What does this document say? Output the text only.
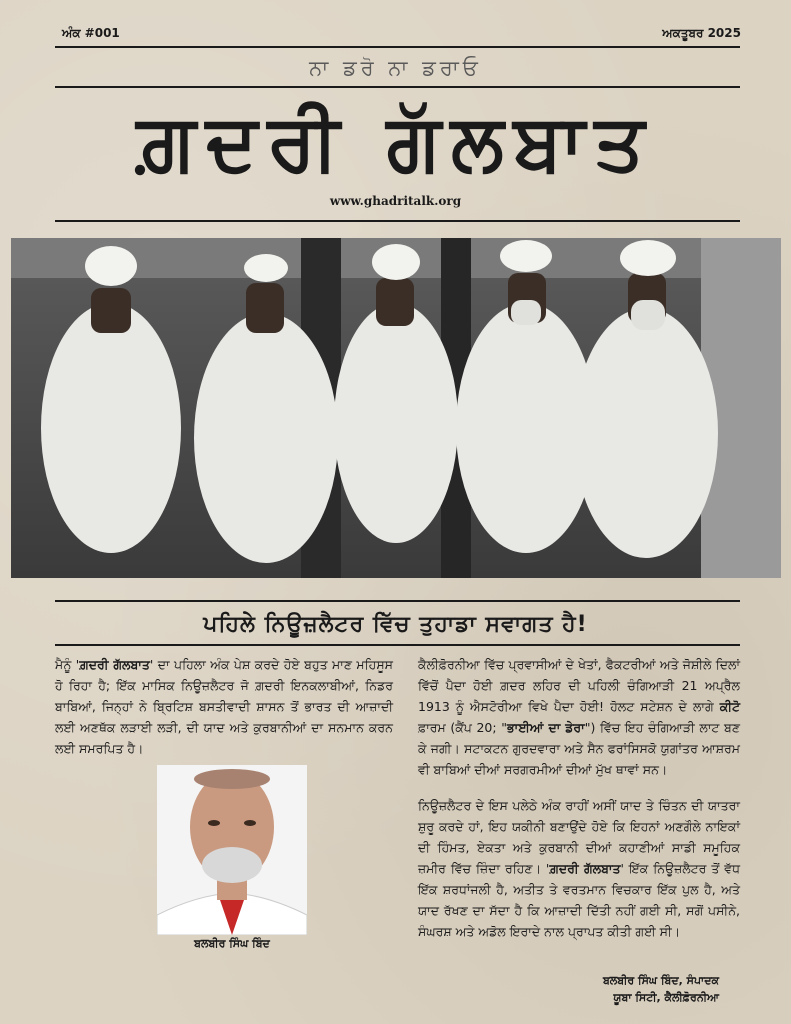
ਅੰਕ #001	ਅਕਤੂਬਰ 2025
ਨਾ ਡਰੋ ਨਾ ਡਰਾਓ
ਗ਼ਦਰੀ ਗੱਲਬਾਤ
www.ghadritalk.org
ਪਹਿਲੇ ਨਿਊਜ਼ਲੈਟਰ ਵਿੱਚ ਤੁਹਾਡਾ ਸਵਾਗਤ ਹੈ!

ਮੈਨੂੰ 'ਗ਼ਦਰੀ ਗੱਲਬਾਤ' ਦਾ ਪਹਿਲਾ ਅੰਕ ਪੇਸ਼ ਕਰਦੇ ਹੋਏ ਬਹੁਤ ਮਾਣ ਮਹਿਸੂਸ ਹੋ ਰਿਹਾ ਹੈ; ਇੱਕ ਮਾਸਿਕ ਨਿਊਜ਼ਲੈਟਰ ਜੋ ਗ਼ਦਰੀ ਇਨਕਲਾਬੀਆਂ, ਨਿਡਰ ਬਾਬਿਆਂ, ਜਿਨ੍ਹਾਂ ਨੇ ਬ੍ਰਿਟਿਸ਼ ਬਸਤੀਵਾਦੀ ਸ਼ਾਸਨ ਤੋਂ ਭਾਰਤ ਦੀ ਆਜ਼ਾਦੀ ਲਈ ਅਣਥੱਕ ਲੜਾਈ ਲੜੀ, ਦੀ ਯਾਦ ਅਤੇ ਕੁਰਬਾਨੀਆਂ ਦਾ ਸਨਮਾਨ ਕਰਨ ਲਈ ਸਮਰਪਿਤ ਹੈ।

ਬਲਬੀਰ ਸਿੰਘ ਬਿੰਦ

ਕੈਲੀਫ਼ੋਰਨੀਆ ਵਿੱਚ ਪ੍ਰਵਾਸੀਆਂ ਦੇ ਖੇਤਾਂ, ਫੈਕਟਰੀਆਂ ਅਤੇ ਜੋਸ਼ੀਲੇ ਦਿਲਾਂ ਵਿੱਚੋਂ ਪੈਦਾ ਹੋਈ ਗ਼ਦਰ ਲਹਿਰ ਦੀ ਪਹਿਲੀ ਚੰਗਿਆੜੀ 21 ਅਪ੍ਰੈਲ 1913 ਨੂੰ ਐਸਟੋਰੀਆ ਵਿਖੇ ਪੈਦਾ ਹੋਈ! ਹੋਲਟ ਸਟੇਸ਼ਨ ਦੇ ਲਾਗੇ ਕੀਟੋ ਫ਼ਾਰਮ (ਕੈਂਪ 20; "ਭਾਈਆਂ ਦਾ ਡੇਰਾ") ਵਿੱਚ ਇਹ ਚੰਗਿਆੜੀ ਲਾਟ ਬਣ ਕੇ ਜਗੀ। ਸਟਾਕਟਨ ਗੁਰਦਵਾਰਾ ਅਤੇ ਸੈਨ ਫਰਾਂਸਿਸਕੋ ਯੁਗਾਂਤਰ ਆਸ਼ਰਮ ਵੀ ਬਾਬਿਆਂ ਦੀਆਂ ਸਰਗਰਮੀਆਂ ਦੀਆਂ ਮੁੱਖ ਥਾਵਾਂ ਸਨ।

ਨਿਊਜ਼ਲੈਟਰ ਦੇ ਇਸ ਪਲੇਠੇ ਅੰਕ ਰਾਹੀਂ ਅਸੀਂ ਯਾਦ ਤੇ ਚਿੰਤਨ ਦੀ ਯਾਤਰਾ ਸ਼ੁਰੂ ਕਰਦੇ ਹਾਂ, ਇਹ ਯਕੀਨੀ ਬਣਾਉਂਦੇ ਹੋਏ ਕਿ ਇਹਨਾਂ ਅਣਗੌਲੇ ਨਾਇਕਾਂ ਦੀ ਹਿੰਮਤ, ਏਕਤਾ ਅਤੇ ਕੁਰਬਾਨੀ ਦੀਆਂ ਕਹਾਣੀਆਂ ਸਾਡੀ ਸਮੂਹਿਕ ਜ਼ਮੀਰ ਵਿੱਚ ਜ਼ਿੰਦਾ ਰਹਿਣ। 'ਗ਼ਦਰੀ ਗੱਲਬਾਤ' ਇੱਕ ਨਿਊਜ਼ਲੈਟਰ ਤੋਂ ਵੱਧ ਇੱਕ ਸ਼ਰਧਾਂਜਲੀ ਹੈ, ਅਤੀਤ ਤੇ ਵਰਤਮਾਨ ਵਿਚਕਾਰ ਇੱਕ ਪੁਲ ਹੈ, ਅਤੇ ਯਾਦ ਰੱਖਣ ਦਾ ਸੱਦਾ ਹੈ ਕਿ ਆਜ਼ਾਦੀ ਦਿੱਤੀ ਨਹੀਂ ਗਈ ਸੀ, ਸਗੋਂ ਪਸੀਨੇ, ਸੰਘਰਸ਼ ਅਤੇ ਅਡੋਲ ਇਰਾਦੇ ਨਾਲ ਪ੍ਰਾਪਤ ਕੀਤੀ ਗਈ ਸੀ।

ਬਲਬੀਰ ਸਿੰਘ ਬਿੰਦ, ਸੰਪਾਦਕ
ਯੂਬਾ ਸਿਟੀ, ਕੈਲੀਫ਼ੋਰਨੀਆ
